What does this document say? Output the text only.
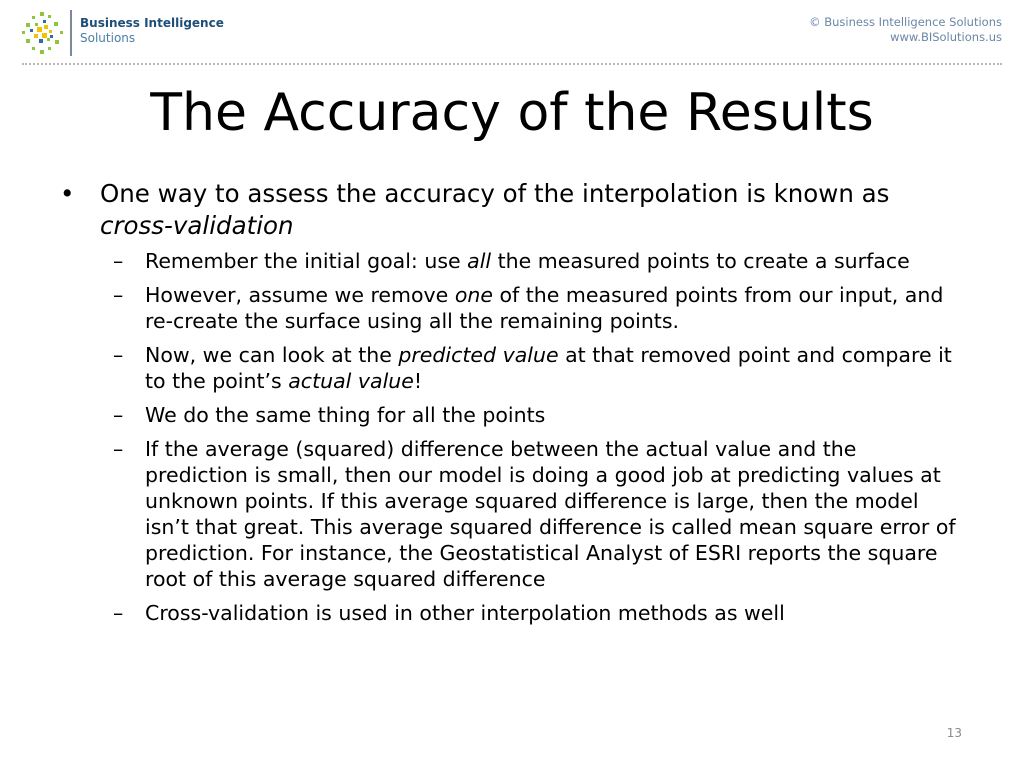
Business Intelligence
Solutions
© Business Intelligence Solutions
www.BISolutions.us
The Accuracy of the Results
• One way to assess the accuracy of the interpolation is known as cross-validation
– Remember the initial goal: use all the measured points to create a surface
– However, assume we remove one of the measured points from our input, and re-create the surface using all the remaining points.
– Now, we can look at the predicted value at that removed point and compare it to the point’s actual value!
– We do the same thing for all the points
– If the average (squared) difference between the actual value and the prediction is small, then our model is doing a good job at predicting values at unknown points. If this average squared difference is large, then the model isn’t that great. This average squared difference is called mean square error of prediction. For instance, the Geostatistical Analyst of ESRI reports the square root of this average squared difference
– Cross-validation is used in other interpolation methods as well
13
